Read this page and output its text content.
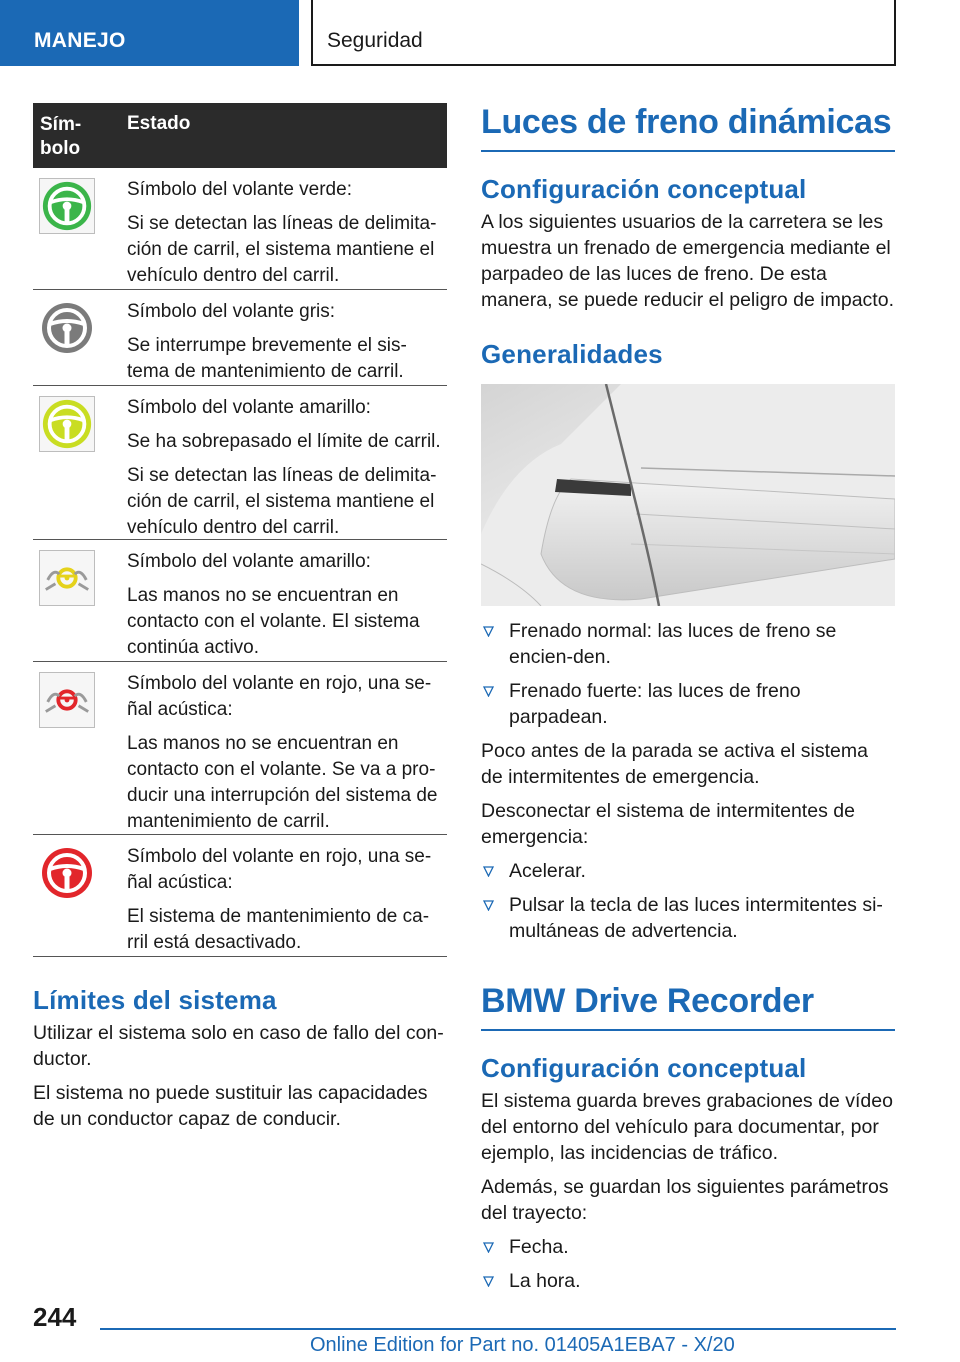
MANEJO	Seguridad
Sím-
bolo
Estado

Símbolo del volante verde:

Si se detectan las líneas de delimita-ción de carril, el sistema mantiene el vehículo dentro del carril.

Símbolo del volante gris:

Se interrumpe brevemente el sis-tema de mantenimiento de carril.

Símbolo del volante amarillo:

Se ha sobrepasado el límite de carril.

Si se detectan las líneas de delimita-ción de carril, el sistema mantiene el vehículo dentro del carril.

Símbolo del volante amarillo:

Las manos no se encuentran en contacto con el volante. El sistema continúa activo.

Símbolo del volante en rojo, una se-ñal acústica:

Las manos no se encuentran en contacto con el volante. Se va a pro-ducir una interrupción del sistema de mantenimiento de carril.

Símbolo del volante en rojo, una se-ñal acústica:

El sistema de mantenimiento de ca-rril está desactivado.

Límites del sistema

Utilizar el sistema solo en caso de fallo del con-ductor.

El sistema no puede sustituir las capacidades de un conductor capaz de conducir.

Luces de freno dinámicas
Configuración conceptual

A los siguientes usuarios de la carretera se les muestra un frenado de emergencia mediante el parpadeo de las luces de freno. De esta manera, se puede reducir el peligro de impacto.

Generalidades
Frenado normal: las luces de freno se encien-den.
Frenado fuerte: las luces de freno parpadean.

Poco antes de la parada se activa el sistema de intermitentes de emergencia.

Desconectar el sistema de intermitentes de emergencia:

Acelerar.
Pulsar la tecla de las luces intermitentes si-multáneas de advertencia.
BMW Drive Recorder
Configuración conceptual

El sistema guarda breves grabaciones de vídeo del entorno del vehículo para documentar, por ejemplo, las incidencias de tráfico.

Además, se guardan los siguientes parámetros del trayecto:

Fecha.
La hora.
244
Online Edition for Part no. 01405A1EBA7 - X/20
